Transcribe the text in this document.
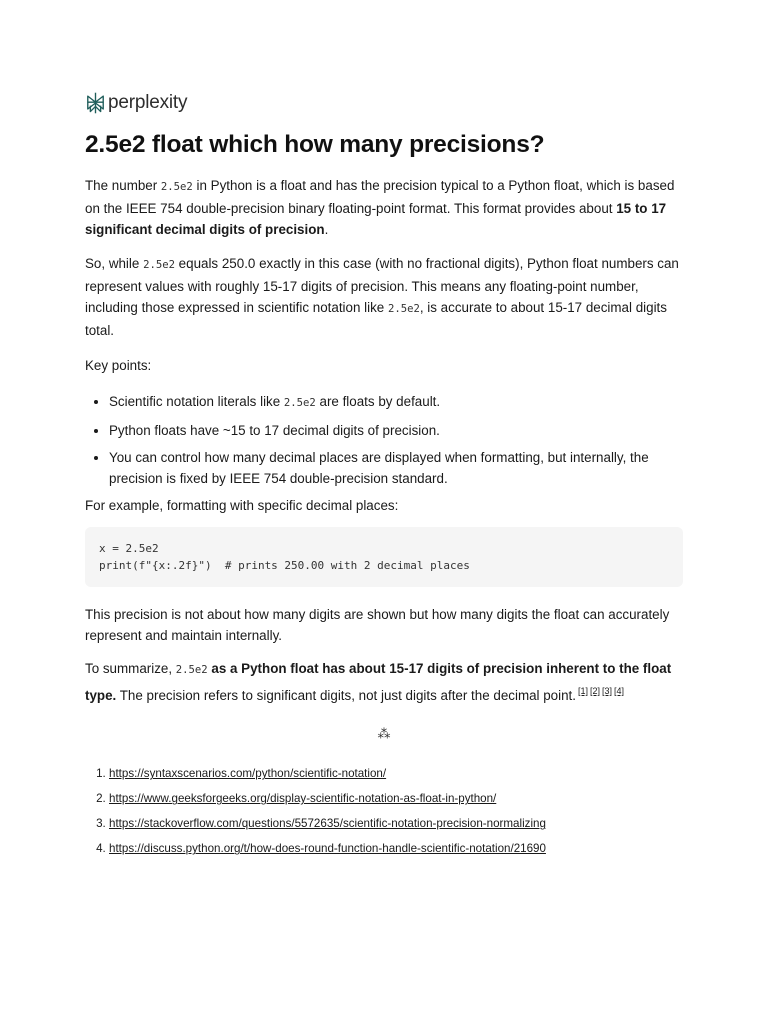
perplexity
2.5e2 float which how many precisions?

The number 2.5e2 in Python is a float and has the precision typical to a Python float, which is based on the IEEE 754 double-precision binary floating-point format. This format provides about 15 to 17 significant decimal digits of precision.

So, while 2.5e2 equals 250.0 exactly in this case (with no fractional digits), Python float numbers can represent values with roughly 15-17 digits of precision. This means any floating-point number, including those expressed in scientific notation like 2.5e2, is accurate to about 15-17 decimal digits total.

Key points:

• Scientific notation literals like 2.5e2 are floats by default.
• Python floats have ~15 to 17 decimal digits of precision.
• You can control how many decimal places are displayed when formatting, but internally, the precision is fixed by IEEE 754 double-precision standard.

For example, formatting with specific decimal places:

x = 2.5e2
print(f"{x:.2f}")  # prints 250.00 with 2 decimal places

This precision is not about how many digits are shown but how many digits the float can accurately represent and maintain internally.

To summarize, 2.5e2 as a Python float has about 15-17 digits of precision inherent to the float type. The precision refers to significant digits, not just digits after the decimal point. [1] [2] [3] [4]

⁂
1. https://syntaxscenarios.com/python/scientific-notation/
2. https://www.geeksforgeeks.org/display-scientific-notation-as-float-in-python/
3. https://stackoverflow.com/questions/5572635/scientific-notation-precision-normalizing
4. https://discuss.python.org/t/how-does-round-function-handle-scientific-notation/21690
